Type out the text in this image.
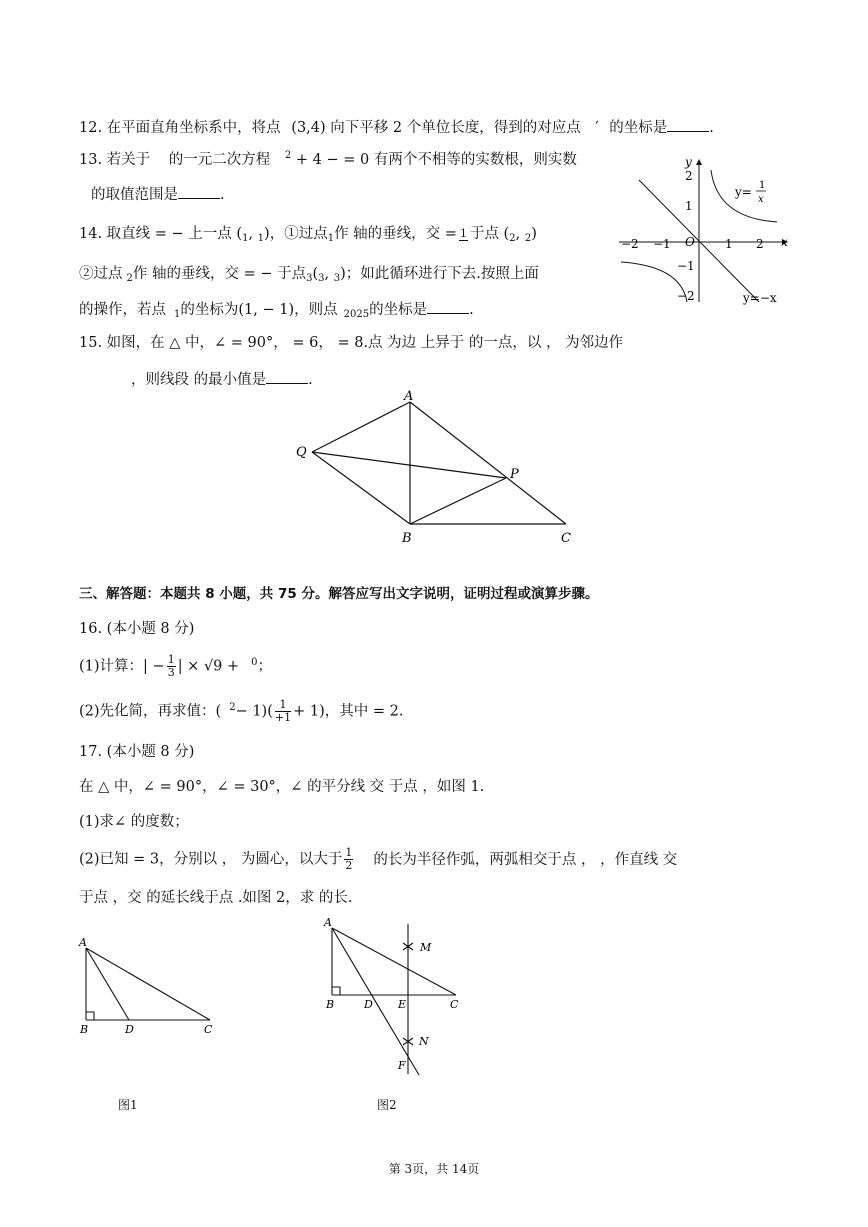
12. 在平面直角坐标系中，将点 (3,4) 向下平移 2 个单位长度，得到的对应点 ′ 的坐标是	.
13. 若关于 的一元二次方程 $^2$ + 4 − = 0 有两个不相等的实数根，则实数
的取值范围是	.
14. 取直线 = − 上一点 ($_1$, $_1$)，①过点$_1$作 轴的垂线，交 = 1 于点 ($_2$, $_2$)
②过点 $_2$作 轴的垂线，交 = − 于点$_3(_3$, $_3$)；如此循环进行下去.按照上面
的操作，若点 $_1$的坐标为(1, − 1)，则点 $_{2025}$的坐标是	.
y
x
O
−2 −1	1 2
2
1
−1
−2
y= 1
x
y=−x
15. 如图，在 △ 中，∠ = 90°， = 6， = 8.点 为边 上异于 的一点，以 ， 为邻边作
，则线段 的最小值是	.
A
Q
P
B	C
三、解答题：本题共 8 小题，共 75 分。解答应写出文字说明，证明过程或演算步骤。
16. (本小题 8 分)
(1)计算：| − $\frac{1}{3}$ | × √9 + $^0$；
(2)先化简，再求值：( $^2- 1)( \frac{1}{+1} + 1)$，其中 = 2.
17. (本小题 8 分)
在 △ 中，∠ = 90°，∠ = 30°，∠ 的平分线 交 于点 ，如图 1.
(1)求∠ 的度数；
(2)已知 = 3，分别以 ， 为圆心，以大于 $\frac{1}{2}$ 的长为半径作弧，两弧相交于点 ， ，作直线 交
于点 ，交 的延长线于点 .如图 2，求 的长.
A
B	D	C
图1
A
M
B	D E	C
N
F
图2
第 3页，共 14页
